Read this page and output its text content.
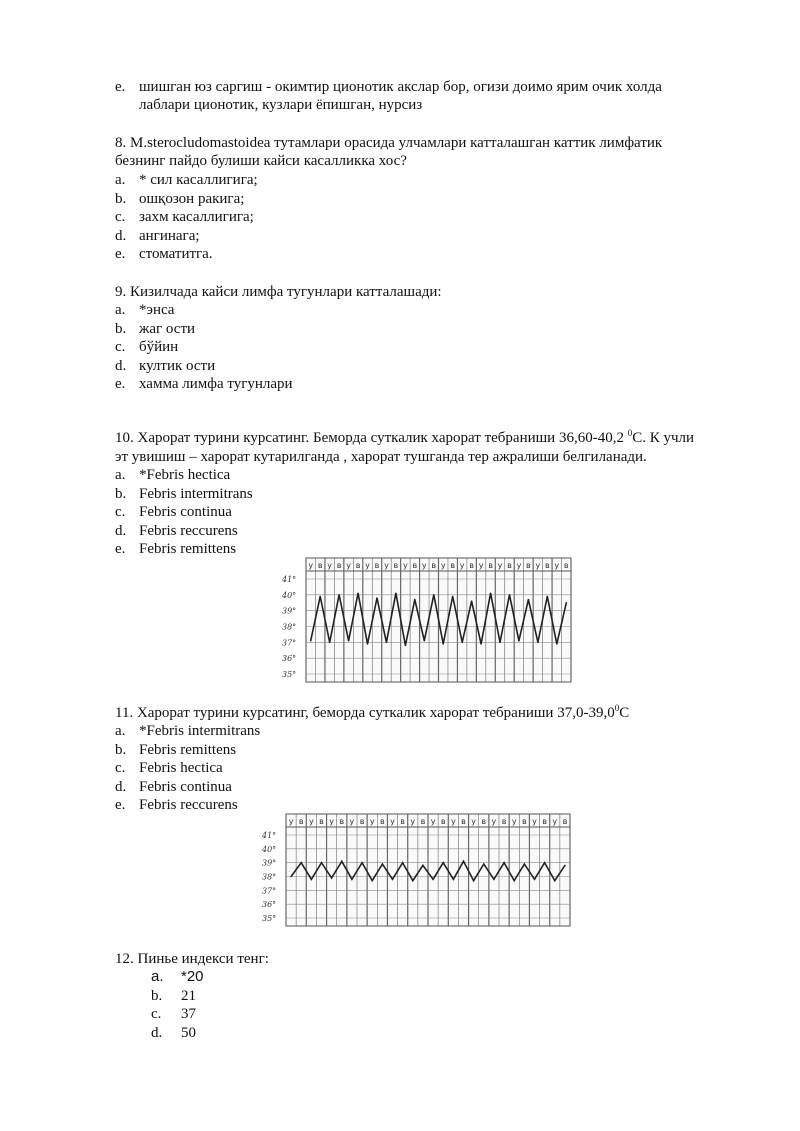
e. шишган юз саргиш - окимтир ционотик акслар бор, огизи доимо ярим очик холда
лаблари ционотик, кузлари ёпишган, нурсиз
8. M.sterocludomastoidea тутамлари орасида улчамлари катталашган каттик лимфатик
безнинг пайдо булиши кайси касалликка хос?
a. * сил касаллигига;
b. ошқозон ракига;
c. захм касаллигига;
d. ангинага;
e. стоматитга.
9. Кизилчада кайси лимфа тугунлари катталашади:
a. *энса
b. жаг ости
c. бўйин
d. култик ости
e. хамма лимфа тугунлари
10. Харорат турини курсатинг. Беморда суткалик харорат тебраниши 36,60-40,2 $^0$С. К учли
эт увишиш – харорат кутарилганда , харорат тушганда тер ажралиши белгиланади.
a. *Febris hectica
b. Febris intermitrans
c. Febris continua
d. Febris reccurens
e. Febris remittens
у в у в у в у в у в у в у в у в у в у в у в у в у в у в
41°
40°
39°
38°
37°
36°
35°
11. Харорат турини курсатинг, беморда суткалик харорат тебраниши 37,0-39,0$^0$С
a. *Febris intermitrans
b. Febris remittens
c. Febris hectica
d. Febris continua
e. Febris reccurens
у в у в у в у в у в у в у в у в у в у в у в у в у в у в
41°
40°
39°
38°
37°
36°
35°
12. Пинье индекси тенг:
a. *20
b. 21
c. 37
d. 50
